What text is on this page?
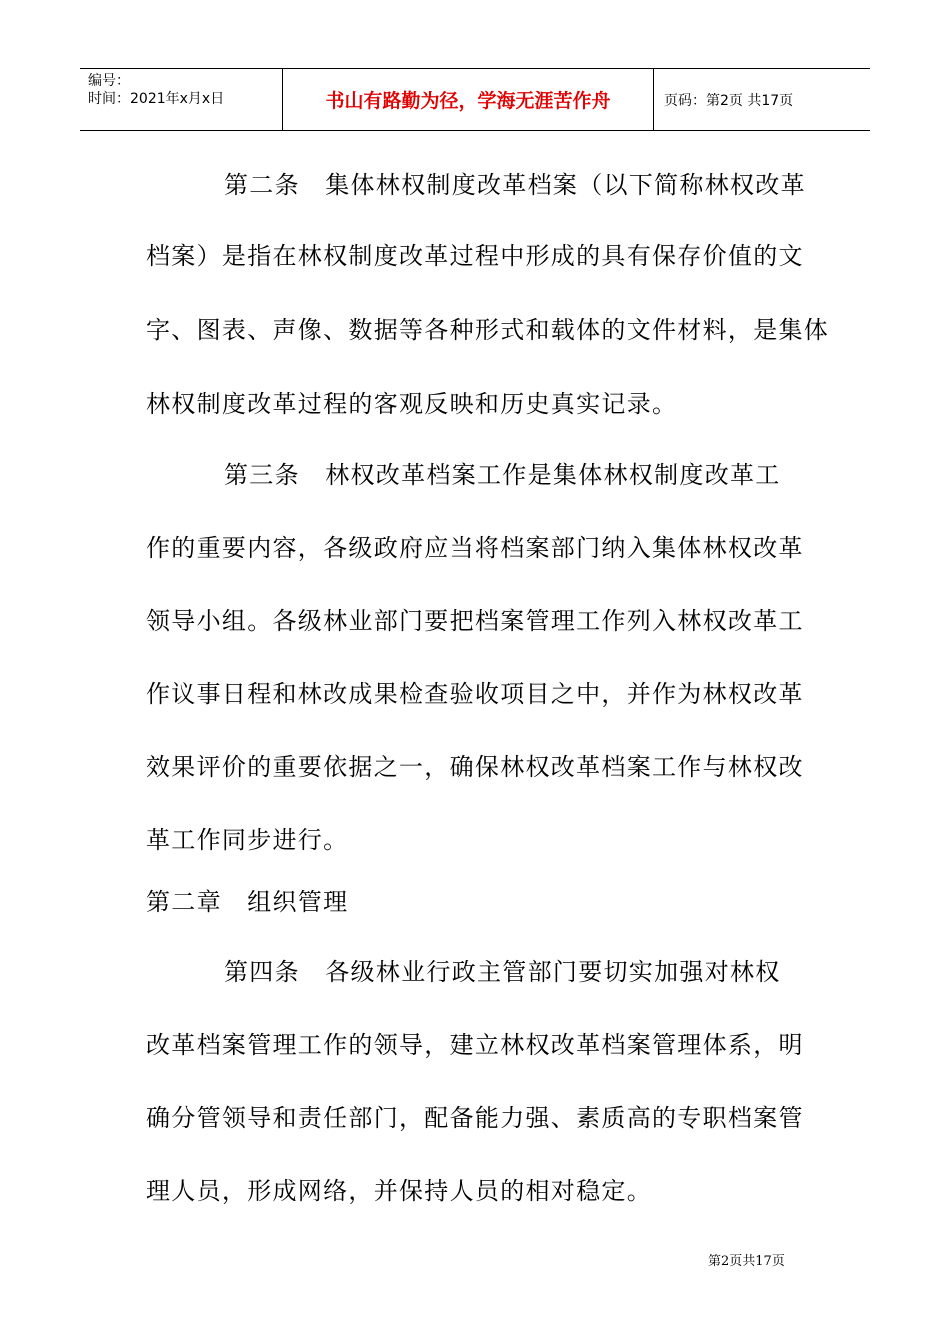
编号：
时间：2021年x月x日	书山有路勤为径，学海无涯苦作舟	页码：第2页 共17页
第二条　集体林权制度改革档案（以下简称林权改革
档案）是指在林权制度改革过程中形成的具有保存价值的文
字、图表、声像、数据等各种形式和载体的文件材料，是集体
林权制度改革过程的客观反映和历史真实记录。
第三条　林权改革档案工作是集体林权制度改革工
作的重要内容，各级政府应当将档案部门纳入集体林权改革
领导小组。各级林业部门要把档案管理工作列入林权改革工
作议事日程和林改成果检查验收项目之中，并作为林权改革
效果评价的重要依据之一，确保林权改革档案工作与林权改
革工作同步进行。
第二章　组织管理
第四条　各级林业行政主管部门要切实加强对林权
改革档案管理工作的领导，建立林权改革档案管理体系，明
确分管领导和责任部门，配备能力强、素质高的专职档案管
理人员，形成网络，并保持人员的相对稳定。
第2页共17页
